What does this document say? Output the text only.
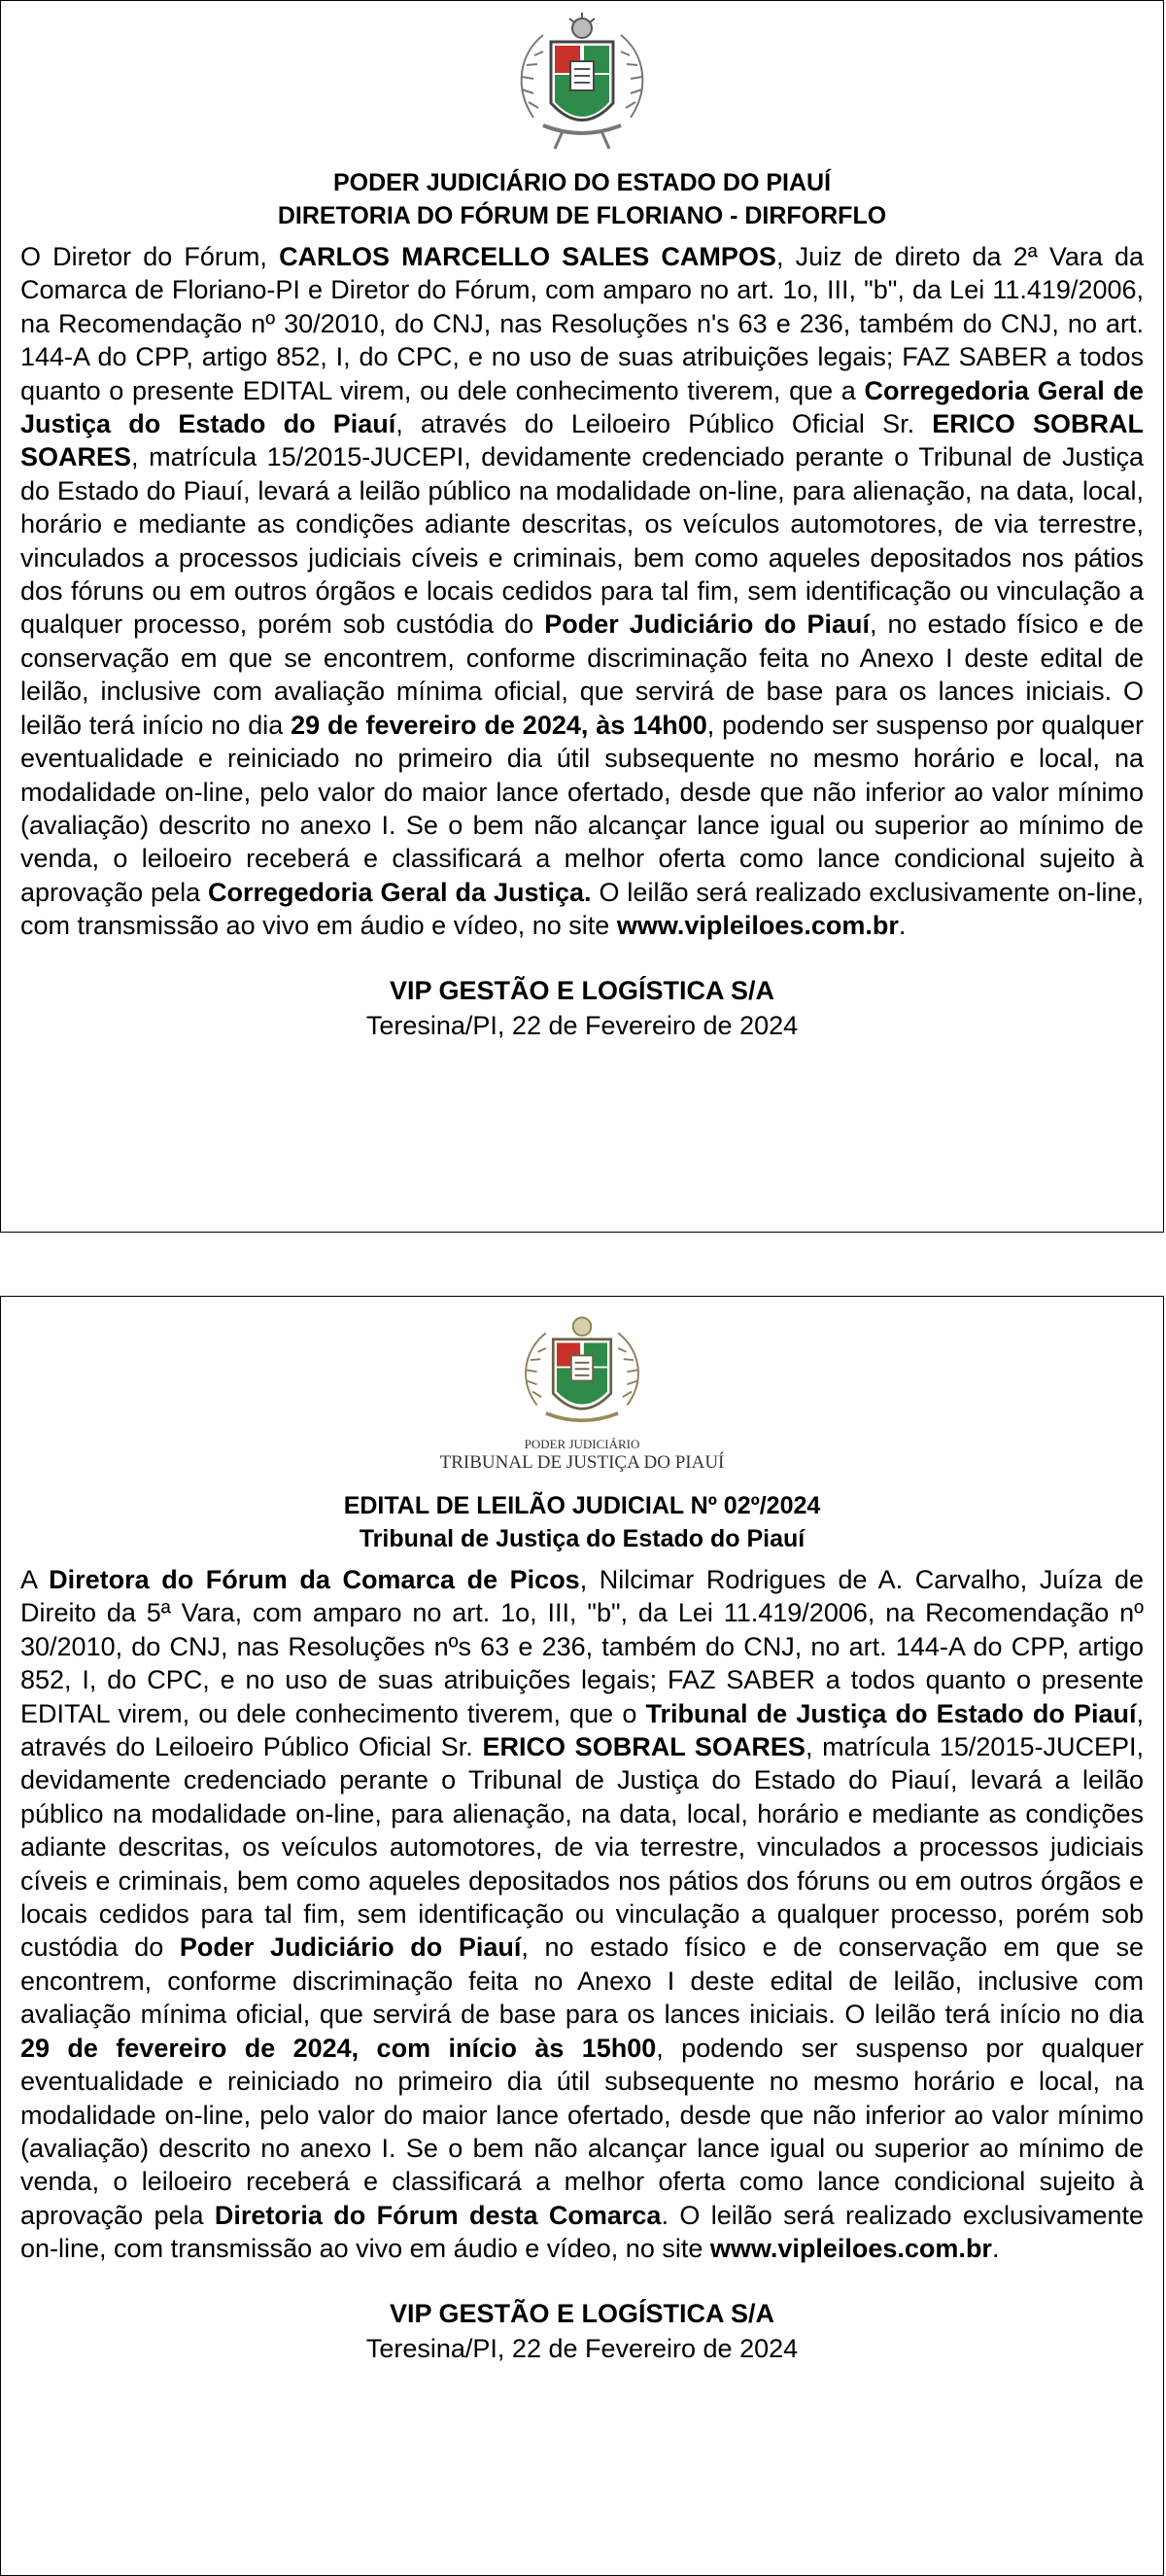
PODER JUDICIÁRIO DO ESTADO DO PIAUÍ

DIRETORIA DO FÓRUM DE FLORIANO - DIRFORFLO

O Diretor do Fórum, CARLOS MARCELLO SALES CAMPOS, Juiz de direto da 2ª Vara da Comarca de Floriano-PI e Diretor do Fórum, com amparo no art. 1o, III, "b", da Lei 11.419/2006, na Recomendação nº 30/2010, do CNJ, nas Resoluções n's 63 e 236, também do CNJ, no art. 144-A do CPP, artigo 852, I, do CPC, e no uso de suas atribuições legais; FAZ SABER a todos quanto o presente EDITAL virem, ou dele conhecimento tiverem, que a Corregedoria Geral de Justiça do Estado do Piauí, através do Leiloeiro Público Oficial Sr. ERICO SOBRAL SOARES, matrícula 15/2015-JUCEPI, devidamente credenciado perante o Tribunal de Justiça do Estado do Piauí, levará a leilão público na modalidade on-line, para alienação, na data, local, horário e mediante as condições adiante descritas, os veículos automotores, de via terrestre, vinculados a processos judiciais cíveis e criminais, bem como aqueles depositados nos pátios dos fóruns ou em outros órgãos e locais cedidos para tal fim, sem identificação ou vinculação a qualquer processo, porém sob custódia do Poder Judiciário do Piauí, no estado físico e de conservação em que se encontrem, conforme discriminação feita no Anexo I deste edital de leilão, inclusive com avaliação mínima oficial, que servirá de base para os lances iniciais. O leilão terá início no dia 29 de fevereiro de 2024, às 14h00, podendo ser suspenso por qualquer eventualidade e reiniciado no primeiro dia útil subsequente no mesmo horário e local, na modalidade on-line, pelo valor do maior lance ofertado, desde que não inferior ao valor mínimo (avaliação) descrito no anexo I. Se o bem não alcançar lance igual ou superior ao mínimo de venda, o leiloeiro receberá e classificará a melhor oferta como lance condicional sujeito à aprovação pela Corregedoria Geral da Justiça. O leilão será realizado exclusivamente on-line, com transmissão ao vivo em áudio e vídeo, no site www.vipleiloes.com.br.

VIP GESTÃO E LOGÍSTICA S/A

Teresina/PI, 22 de Fevereiro de 2024

PODER JUDICIÁRIO
TRIBUNAL DE JUSTIÇA DO PIAUÍ

EDITAL DE LEILÃO JUDICIAL Nº 02º/2024

Tribunal de Justiça do Estado do Piauí

A Diretora do Fórum da Comarca de Picos, Nilcimar Rodrigues de A. Carvalho, Juíza de Direito da 5ª Vara, com amparo no art. 1o, III, "b", da Lei 11.419/2006, na Recomendação nº 30/2010, do CNJ, nas Resoluções nºs 63 e 236, também do CNJ, no art. 144-A do CPP, artigo 852, I, do CPC, e no uso de suas atribuições legais; FAZ SABER a todos quanto o presente EDITAL virem, ou dele conhecimento tiverem, que o Tribunal de Justiça do Estado do Piauí, através do Leiloeiro Público Oficial Sr. ERICO SOBRAL SOARES, matrícula 15/2015-JUCEPI, devidamente credenciado perante o Tribunal de Justiça do Estado do Piauí, levará a leilão público na modalidade on-line, para alienação, na data, local, horário e mediante as condições adiante descritas, os veículos automotores, de via terrestre, vinculados a processos judiciais cíveis e criminais, bem como aqueles depositados nos pátios dos fóruns ou em outros órgãos e locais cedidos para tal fim, sem identificação ou vinculação a qualquer processo, porém sob custódia do Poder Judiciário do Piauí, no estado físico e de conservação em que se encontrem, conforme discriminação feita no Anexo I deste edital de leilão, inclusive com avaliação mínima oficial, que servirá de base para os lances iniciais. O leilão terá início no dia 29 de fevereiro de 2024, com início às 15h00, podendo ser suspenso por qualquer eventualidade e reiniciado no primeiro dia útil subsequente no mesmo horário e local, na modalidade on-line, pelo valor do maior lance ofertado, desde que não inferior ao valor mínimo (avaliação) descrito no anexo I. Se o bem não alcançar lance igual ou superior ao mínimo de venda, o leiloeiro receberá e classificará a melhor oferta como lance condicional sujeito à aprovação pela Diretoria do Fórum desta Comarca. O leilão será realizado exclusivamente on-line, com transmissão ao vivo em áudio e vídeo, no site www.vipleiloes.com.br.

VIP GESTÃO E LOGÍSTICA S/A

Teresina/PI, 22 de Fevereiro de 2024
